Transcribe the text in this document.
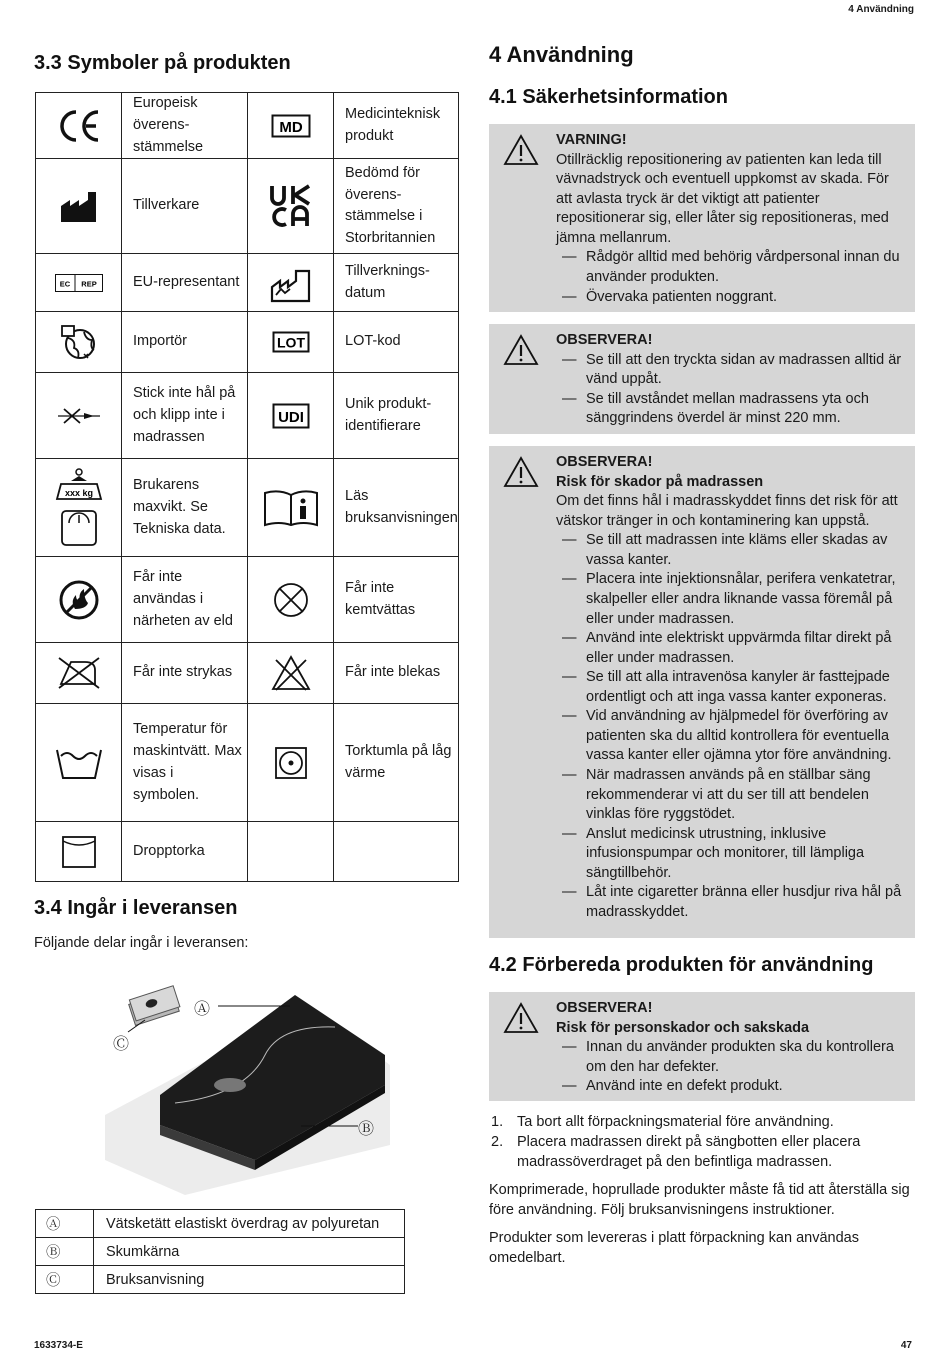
4 Användning
3.3 Symboler på produkten
	Europeisk överensstämmelse	MD	Medicinteknisk produkt

	Tillverkare		Bedömd för överensstämmelse i Storbritannien

EC REP	EU-representant		Tillverkningsdatum

	Importör	LOT	LOT-kod

	Stick inte hål på och klipp inte i madrassen	UDI	Unik produkt-identifierare

xxx kg	Brukarens maxvikt. Se Tekniska data.		Läs bruksanvisningen

	Får inte användas i närheten av eld		Får inte kemtvättas

	Får inte strykas		Får inte blekas

	Temperatur för maskintvätt. Max visas i symbolen.		Torktumla på låg värme

	Dropptorka		
3.4 Ingår i leveransen
Följande delar ingår i leveransen:
Ⓐ
Ⓒ
Ⓑ
Ⓐ	Vätsketätt elastiskt överdrag av polyuretan
Ⓑ	Skumkärna
Ⓒ	Bruksanvisning
4 Användning
4.1 Säkerhetsinformation
VARNING!
Otillräcklig repositionering av patienten kan leda till vävnadstryck och eventuell uppkomst av skada. För att avlasta tryck är det viktigt att patienter repositionerar sig, eller låter sig repositioneras, med jämna mellanrum.
— Rådgör alltid med behörig vårdpersonal innan du använder produkten.
— Övervaka patienten noggrant.
OBSERVERA!
— Se till att den tryckta sidan av madrassen alltid är vänd uppåt.
— Se till avståndet mellan madrassens yta och sänggrindens överdel är minst 220 mm.
OBSERVERA!
Risk för skador på madrassen
Om det finns hål i madrasskyddet finns det risk för att vätskor tränger in och kontaminering kan uppstå.
— Se till att madrassen inte kläms eller skadas av vassa kanter.
— Placera inte injektionsnålar, perifera venkatetrar, skalpeller eller andra liknande vassa föremål på eller under madrassen.
— Använd inte elektriskt uppvärmda filtar direkt på eller under madrassen.
— Se till att alla intravenösa kanyler är fasttejpade ordentligt och att inga vassa kanter exponeras.
— Vid användning av hjälpmedel för överföring av patienten ska du alltid kontrollera för eventuella vassa kanter eller ojämna ytor före användning.
— När madrassen används på en ställbar säng rekommenderar vi att du ser till att bendelen vinklas före ryggstödet.
— Anslut medicinsk utrustning, inklusive infusionspumpar och monitorer, till lämpliga sängtillbehör.
— Låt inte cigaretter bränna eller husdjur riva hål på madrasskyddet.
4.2 Förbereda produkten för användning
OBSERVERA!
Risk för personskador och sakskada
— Innan du använder produkten ska du kontrollera om den har defekter.
— Använd inte en defekt produkt.
1. Ta bort allt förpackningsmaterial före användning.
2. Placera madrassen direkt på sängbotten eller placera madrassöverdraget på den befintliga madrassen.
Komprimerade, hoprullade produkter måste få tid att återställa sig före användning. Följ bruksanvisningens instruktioner.
Produkter som levereras i platt förpackning kan användas omedelbart.
1633734-E	47
